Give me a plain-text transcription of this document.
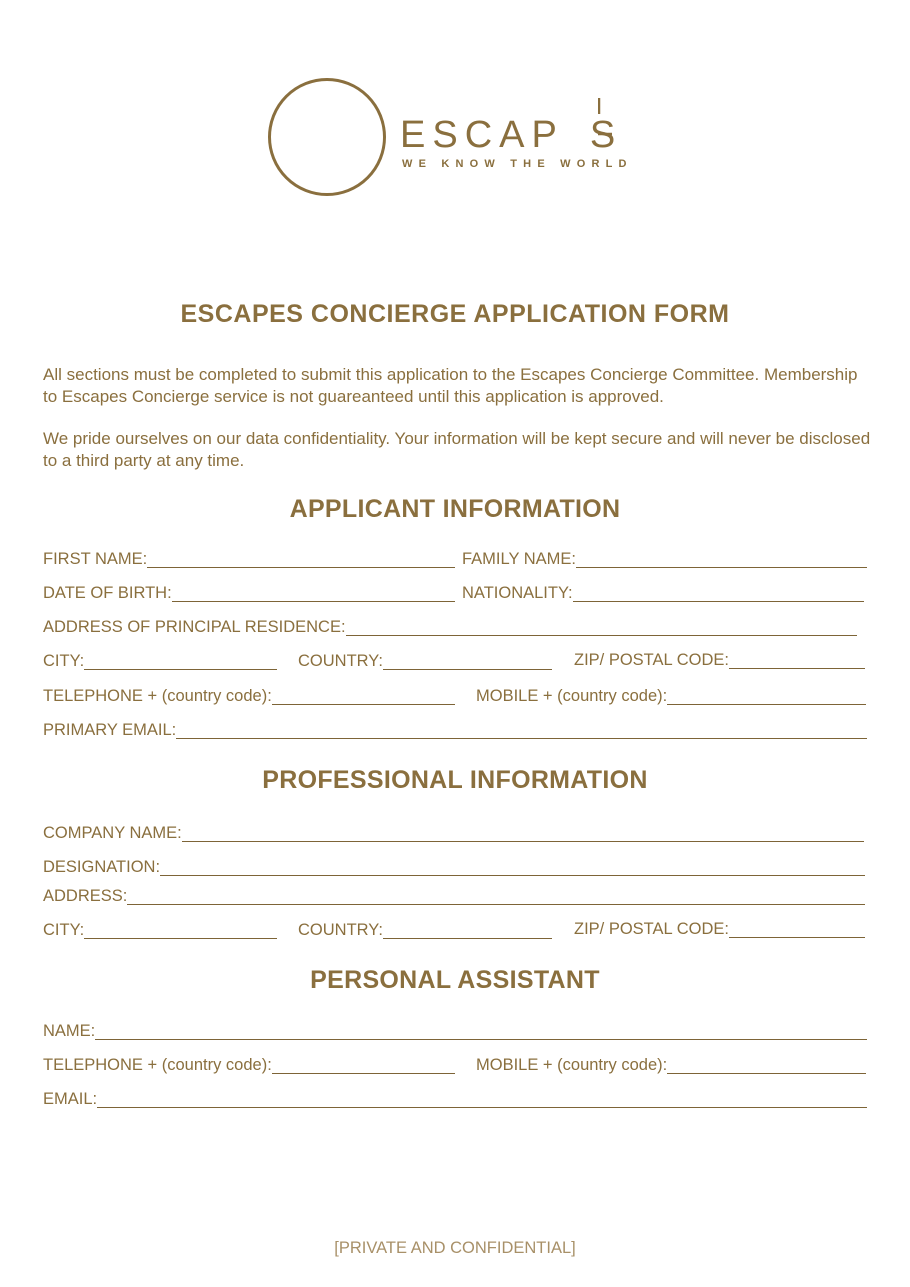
ESCAP S
WE KNOW THE WORLD
ESCAPES CONCIERGE APPLICATION FORM

All sections must be completed to submit this application to the Escapes Concierge Committee. Membership to Escapes Concierge service is not guareanteed until this application is approved.

We pride ourselves on our data confidentiality. Your information will be kept secure and will never be disclosed to a third party at any time.

APPLICANT INFORMATION
FIRST NAME:	FAMILY NAME:
DATE OF BIRTH:	NATIONALITY:
ADDRESS OF PRINCIPAL RESIDENCE:
CITY:	COUNTRY:	ZIP/ POSTAL CODE:
TELEPHONE + (country code):	MOBILE + (country code):
PRIMARY EMAIL:
PROFESSIONAL INFORMATION
COMPANY NAME:
DESIGNATION:
ADDRESS:
CITY:	COUNTRY:	ZIP/ POSTAL CODE:
PERSONAL ASSISTANT
NAME:
TELEPHONE + (country code):	MOBILE + (country code):
EMAIL:
[PRIVATE AND CONFIDENTIAL]
